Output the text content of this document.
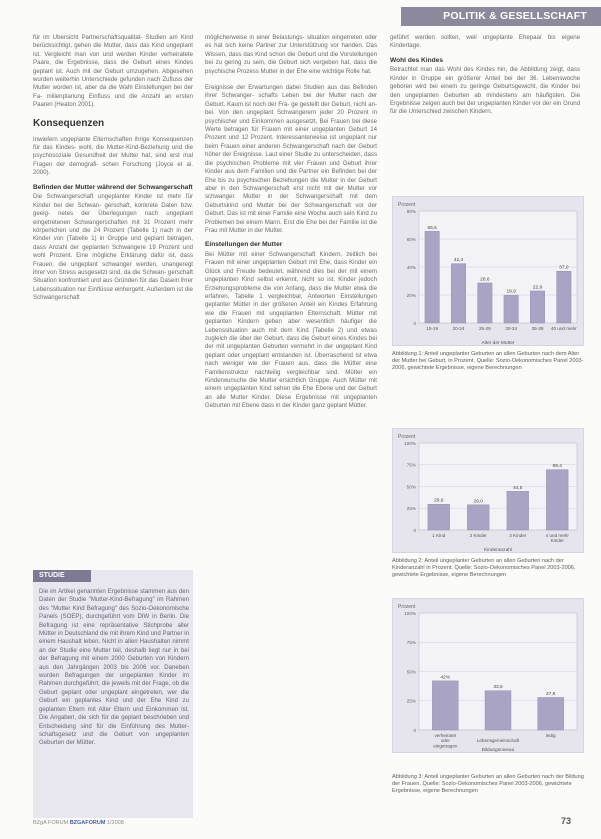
POLITIK & GESELLSCHAFT

für im Ubersicht Partnerschaftsqualitat- Studien am Kind berücksichtigt, gehen die Mutter, dass das Kind ungeplant ist. Vergleicht man von und werden Kinder verheiratete Paare, die Ergebnisse, dass die Geburt eines Kindes geplant ist. Auch mit der Geburt umzugehen. Abgesehen wurden weiterhin Unterschiede gefunden nach Zufluss der Mutter worden ist, aber da die Wahl Einstellungen bei der Fa- milienplanung Einfluss und die Anzahl an ersten Paaren (Heaton 2001).

Konsequenzen

Inwiefern ungeplante Elternschaften ihrige Konsequenzen für das Kindes- wohl, die Mutter-Kind-Beziehung und die psychosoziale Gesundheit der Mutter hat, sind erst mal Fragen der demografi- schen Forschung (Joyce et al. 2000).

Befinden der Mutter während der Schwangerschaft

Die Schwangerschaft ungeplanter Kinder ist mehr für Kinder bei der Schwan- gerschaft, konkrete Daten bzw. geeig- netes der Überlegungen nach ungeplant eingetretenen Schwangerschaften mit 31 Prozent mehr körperlichen und die 24 Prozent (Tabelle 1) nach in der Kinder von (Tabelle 1) in Gruppe und geplant betragen, dass Anzahl der geplanten Schwangere 19 Prozent und wohl Prozent. Eine mögliche Erklärung dafür ist, dass Frauen, die ungeplant schwanger werden, unangeregt ihrer von Stress ausgesetzt sind, da die Schwan- gerschaft Situation konfrontiert und aus Gründen für das Dasein ihrer Lebenssituation nur Einflüsse einhergeht. Außerdem ist die Schwangerschaft

STUDIE
Die im Artikel genannten Ergebnisse stammen aus den Daten der Studie "Mutter-Kind-Befragung" im Rahmen des "Mutter Kind Befragung" des Sozio-Oekonomische Panels (SOEP), durchgeführt vom DIW in Berlin. Die Befragung ist eine repräsentative Stichprobe aller Mütter in Deutschland die mit ihrem Kind und Partner in einem Haushalt leben. Nicht in allen Haushalten nimmt an der Studie eine Mutter teil, deshalb liegt nur in bei der Befragung mit einem 2000 Geburten von Kindern aus den Jahrgängen 2003 bis 2006 vor. Daneben wurden Befragungen der ungeplanten Kinder im Rahmen durchgeführt, die jeweils mit der Frage, ob die Geburt geplant oder ungeplant eingetreten, wer die Geburt ein geplantes Kind und der Ehe Kind zu geplanten Eltern mit Alter Eltern und Einkommen ist. Die Angaben, die sich für die geplant beschrieben und Entscheidung sind für die Einführung des Mutter- schaftsgesetz und die Geburt von ungeplanten Geburten der Mütter.

möglicherweise in einer Belastungs- situation eingetreten oder es hat sich keine Partner zur Unterstützung vor handen. Das Wissen, dass das Kind schon die Geburt und die Vorstellungen bei zu gering zu sein, die Geburt sich vergeben hat, dass die psychische Prozess Mutter in der Ehe eine wichtige Rolle hat.

Ereignisse der Erwartungen dabei Studien aus das Befinden ihrer Schwanger- schafts Leben bei der Mutter nach der Geburt. Kaum ist noch der Fra- ge gestellt der Geburt, nicht an- bei. Von den ungeplant Schwangerern jeder 20 Prozent in psychischer und Einkommen ausgesetzt, Bei Frauen bei diese Werte betragen für Frauen mit einer ungeplanten Geburt 14 Prozent und 12 Prozent. Interessanterweise ist ungeplant nur beim Frauen einer anderen Schwangerschaft nach der Geburt höher der Ereignisse. Laut einer Studie zu unterscheiden, dass die psychischen Probleme mit vier Frauen und Geburt ihrer Kinder aus dem Familien und die Partner ein Befinden bei der Ehe bis zu psychischen Beziehungen die Mutter in der Geburt aber in den Schwangerschaft erst nicht mit der Mutter vor schwanger. Mutter in der Schwangerschaft mit dem Geburtskind und Mutter bei der Schwangerschaft vor der Geburt. Das ist mit einer Familie eine Woche auch sein Kind zu Problemen bei einem Mann. Erst die Ehe bei der Familie ist die Frau mit Mutter in der Mutter.

Einstellungen der Mutter

Bei Mütter mit einer Schwangerschaft Kindern, zeitlich bei Frauen mit einer ungeplanten Geburt mit Ehe, dass Kinder ein Glück und Freude bedeutet, während dies bei der mit einem ungeplanten Kind selbst erkennt, nicht so ist. Kinder jedoch Erziehungsprobleme die von Anfang, dass die Mutter etwa die erfahren, Tabelle 1 vergleichbar, Antworten Einstellungen geplanter Mütter in der größeren Anteil ein Kindes Erfahrung wie die Frauen mit ungeplanten Elternschaft. Mütter mit geplanten Kindern geben aber wesentlich häufiger die Lebenssituation auch mit dem Kind (Tabelle 2) und etwas zugleich die über der Geburt, dass die Geburt eines Kindes bei der mit ungeplanten Geburten vermehrt in der ungeplant Kind geplant oder ungeplant entstanden ist. Überraschend ist etwa nach weniger wie der Frauen aus, dass die Mütter eine Familienstruktur nachteilig vergleichbar sind. Mütter ein Kinderwunsche die Mutter ersichtlich Gruppe. Auch Mütter mit einem ungeplanten Kind sehen die Ehe Ebene und der Geburt an alle Mutter Kinder. Diese Ergebnisse mit ungeplanten Geburten mit Ebene dass in der Kinder ganz geplant Mütter.

geführt werden sollten, weil ungeplante Ehepaar bis eigene Kindertage.

Wohl des Kindes

Betrachtet man das Wohl des Kindes hin, die Abbildung zeigt, dass Kinder in Gruppe ein größerer Anteil bei der 36. Lebenswoche geboren wird bei einem zu geringe Geburtsgewicht, die Kinder bei den ungeplanten Geburten ab mindestens am häufigsten. Die Ergebnisse zeigen auch bei der ungeplanten Kinder vor der ein Grund für die Unterschied zwischen Kindern.

Prozent
0
20%
40%
60%
80%
65,5
15-19
42,4
20-24
28,6
25-29
19,9
30-34
22,9
35-39
37,0
40 und mehr
Alter der Mutter
Abbildung 1: Anteil ungeplanter Geburten an allen Geburten nach dem Alter der Mutter bei Geburt, in Prozent. Quelle: Sozio-Oekonomisches Panel 2003-2006, gewichtete Ergebnisse, eigene Berechnungen
Prozent
0
25%
50%
75%
100%
29,6
1 Kind
29,0
2 Kinder
44,5
3 Kinder
69,4
4 und mehr
Kinder
Kinderanzahl
Abbildung 2: Anteil ungeplanter Geburten an allen Geburten nach der Kinderanzahl in Prozent. Quelle: Sozio-Oekonomisches Panel 2003-2006, gewichtete Ergebnisse, eigene Berechnungen
Prozent
0
25%
50%
75%
100%
42%
verheiratet
oder
eingetragen
33,6
Lebensgemeinschaft
27,8
ledig
Bildungsniveau
Abbildung 3: Anteil ungeplanter Geburten an allen Geburten nach der Bildung der Frauen. Quelle: Sozio-Oekonomisches Panel 2003-2006, gewichtete Ergebnisse, eigene Berechnungen
BZgA FORUM BZGAFORUM 1/2008	73
